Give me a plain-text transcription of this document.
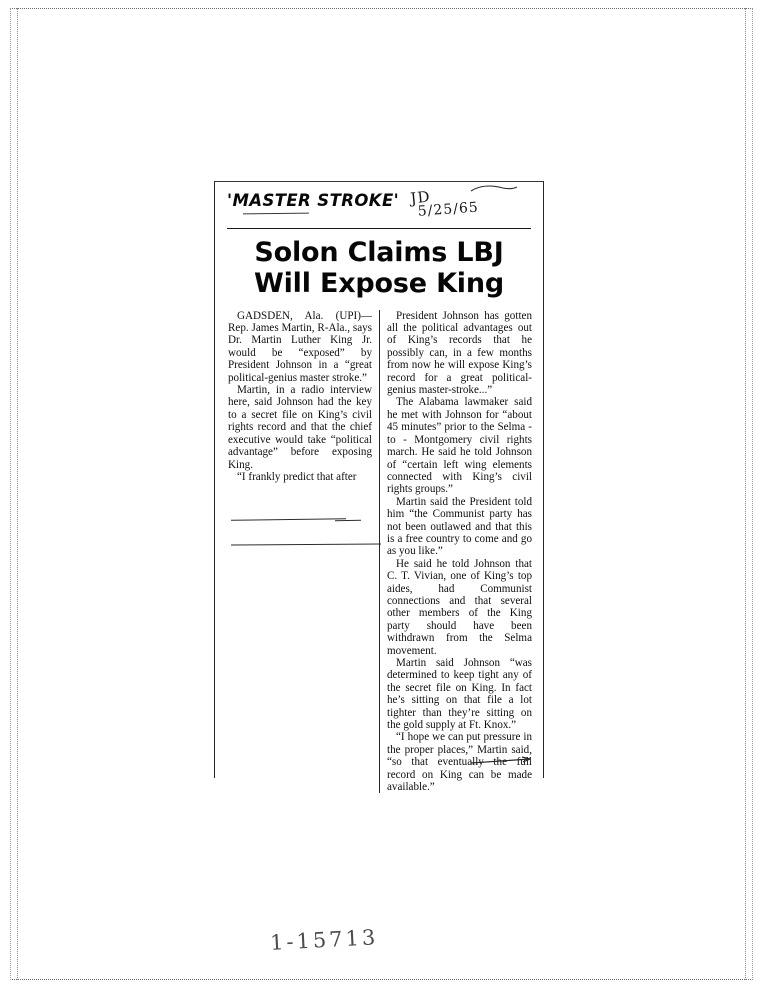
'MASTER STROKE' JD
5/25/65
Solon Claims LBJ
Will Expose King

GADSDEN, Ala. (UPI)—Rep. James Martin, R-Ala., says Dr. Martin Luther King Jr. would be “exposed” by President Johnson in a “great political-genius master stroke.”

Martin, in a radio interview here, said Johnson had the key to a secret file on King’s civil rights record and that the chief executive would take “political advantage” before exposing King.

“I frankly predict that after

President Johnson has gotten all the political advantages out of King’s records that he possibly can, in a few months from now he will expose King’s record for a great political-genius master-stroke...”

The Alabama lawmaker said he met with Johnson for “about 45 minutes” prior to the Selma - to - Montgomery civil rights march. He said he told Johnson of “certain left wing elements connected with King’s civil rights groups.”

Martin said the President told him “the Communist party has not been outlawed and that this is a free country to come and go as you like.”

He said he told Johnson that C. T. Vivian, one of King’s top aides, had Communist connections and that several other members of the King party should have been withdrawn from the Selma movement.

Martin said Johnson “was determined to keep tight any of the secret file on King. In fact he’s sitting on that file a lot tighter than they’re sitting on the gold supply at Ft. Knox.”

“I hope we can put pressure in the proper places,” Martin said, “so that eventually the full record on King can be made available.”

1-15713
